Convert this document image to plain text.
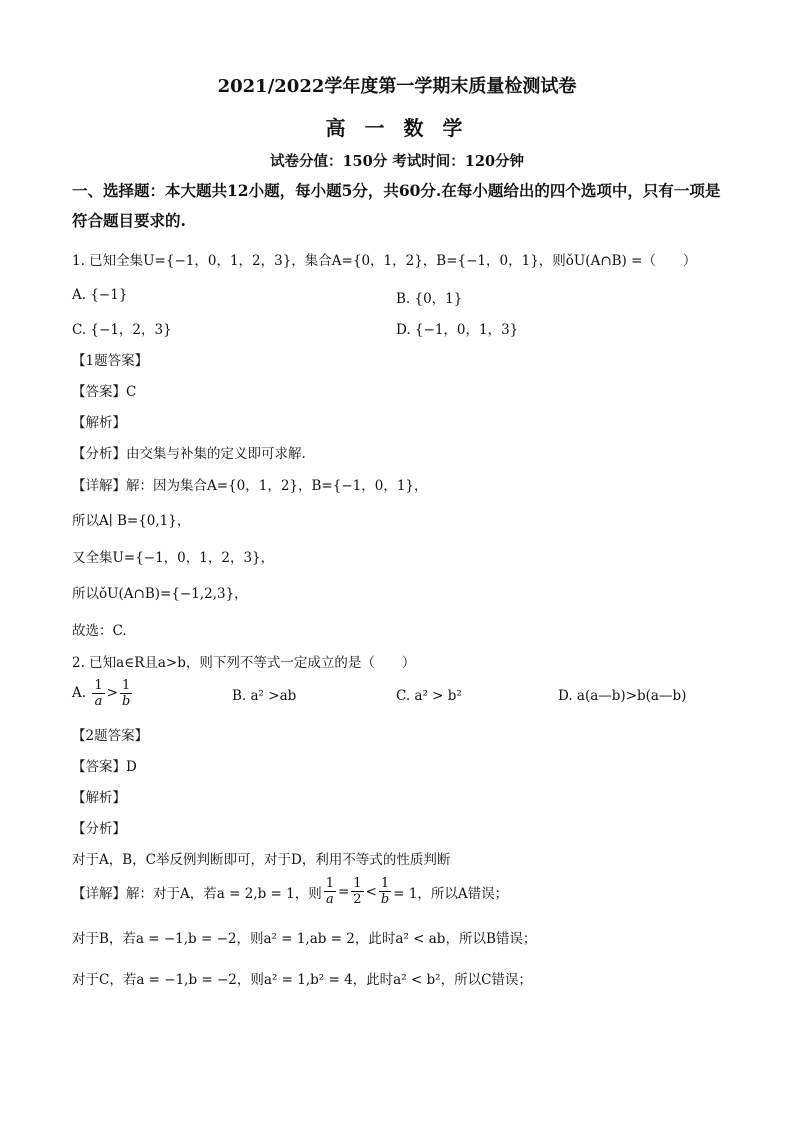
2021/2022学年度第一学期末质量检测试卷
高 一 数 学
试卷分值：150分 考试时间：120分钟
一、选择题：本大题共12小题，每小题5分，共60分.在每小题给出的四个选项中，只有一项是符合题目要求的.
1. 已知全集U={−1，0，1，2，3}，集合A={0，1，2}，B={−1，0，1}，则ǒU(A∩B) =（　　）
A. {−1}	B. {0，1}
C. {−1，2，3}	D. {−1，0，1，3}
【1题答案】
【答案】C
【解析】
【分析】由交集与补集的定义即可求解.
【详解】解：因为集合A={0，1，2}，B={−1，0，1}，
所以A∣ B={0,1}，
又全集U={−1，0，1，2，3}，
所以ǒU(A∩B)={−1,2,3}，
故选：C.
2. 已知a∈R且a>b，则下列不等式一定成立的是（　　）
A. $\frac{1}{a} > \frac{1}{b}$	B. a² >ab	C. a² > b²	D. a(a—b)>b(a—b)
【2题答案】
【答案】D
【解析】
【分析】
对于A，B，C举反例判断即可，对于D，利用不等式的性质判断
【详解】解：对于A，若a = 2,b = 1，则 $\frac{1}{a} = \frac{1}{2} < \frac{1}{b} = 1$，所以A错误；
对于B，若a = −1,b = −2，则a² = 1,ab = 2，此时a² < ab，所以B错误；
对于C，若a = −1,b = −2，则a² = 1,b² = 4，此时a² < b²，所以C错误；
